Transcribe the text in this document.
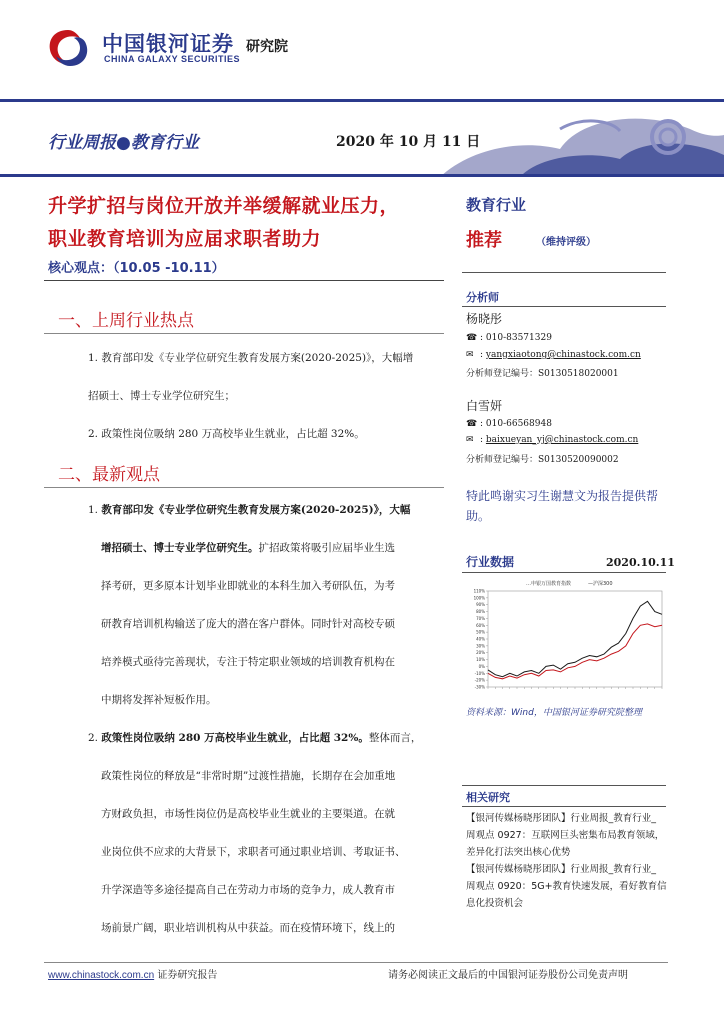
中国银河证券
CHINA GALAXY SECURITIES
研究院
行业周报●教育行业	2020 年 10 月 11 日
升学扩招与岗位开放并举缓解就业压力，
职业教育培训为应届求职者助力
核心观点：（10.05 -10.11）
一、上周行业热点
1. 教育部印发《专业学位研究生教育发展方案(2020-2025)》，大幅增
招硕士、博士专业学位研究生；
2. 政策性岗位吸纳 280 万高校毕业生就业，占比超 32%。
二、最新观点
1. 教育部印发《专业学位研究生教育发展方案(2020-2025)》，大幅
增招硕士、博士专业学位研究生。扩招政策将吸引应届毕业生选
择考研，更多原本计划毕业即就业的本科生加入考研队伍，为考
研教育培训机构输送了庞大的潜在客户群体。同时针对高校专硕
培养模式亟待完善现状，专注于特定职业领域的培训教育机构在
中期将发挥补短板作用。
2. 政策性岗位吸纳 280 万高校毕业生就业，占比超 32%。整体而言，
政策性岗位的释放是“非常时期”过渡性措施，长期存在会加重地
方财政负担，市场性岗位仍是高校毕业生就业的主要渠道。在就
业岗位供不应求的大背景下，求职者可通过职业培训、考取证书、
升学深造等多途径提高自己在劳动力市场的竞争力，成人教育市
场前景广阔，职业培训机构从中获益。而在疫情环境下，线上的
教育行业
推荐	（维持评级）
分析师
杨晓彤
☎ : 010-83571329
✉ : yangxiaotong@chinastock.com.cn
分析师登记编号：S0130518020001
白雪妍
☎ : 010-66568948
✉ : baixueyan_yj@chinastock.com.cn
分析师登记编号：S0130520090002
特此鸣谢实习生谢慧文为报告提供帮
助。
行业数据	2020.10.11
…申银万国教育指数	—沪深300
-30%
-20%
-10%
0%
10%
20%
30%
40%
50%
60%
70%
80%
90%
100%
110%
资料来源：Wind，中国银河证券研究院整理
相关研究
【银河传媒杨晓彤团队】行业周报_教育行业_
周观点 0927：互联网巨头密集布局教育领域，
差异化打法突出核心优势
【银河传媒杨晓彤团队】行业周报_教育行业_
周观点 0920：5G+教育快速发展，看好教育信
息化投资机会
www.chinastock.com.cn 证券研究报告	请务必阅读正文最后的中国银河证券股份公司免责声明
